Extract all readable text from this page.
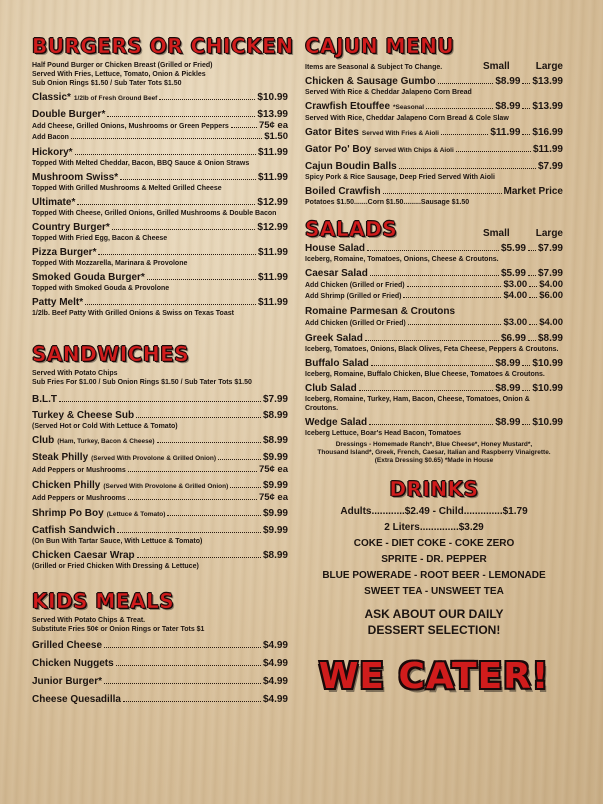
BURGERS OR CHICKEN
Half Pound Burger or Chicken Breast (Grilled or Fried)
Served With Fries, Lettuce, Tomato, Onion & Pickles
Sub Onion Rings $1.50 / Sub Tater Tots $1.50
Classic* 1/2lb of Fresh Ground Beef	$10.99
Double Burger*	$13.99
Add Cheese, Grilled Onions, Mushrooms or Green Peppers	75¢ ea
Add Bacon	$1.50
Hickory*	$11.99
Topped With Melted Cheddar, Bacon, BBQ Sauce & Onion Straws
Mushroom Swiss*	$11.99
Topped With Grilled Mushrooms & Melted Grilled Cheese
Ultimate*	$12.99
Topped With Cheese, Grilled Onions, Grilled Mushrooms & Double Bacon
Country Burger*	$12.99
Topped With Fried Egg, Bacon & Cheese
Pizza Burger*	$11.99
Topped With Mozzarella, Marinara & Provolone
Smoked Gouda Burger*	$11.99
Topped with Smoked Gouda & Provolone
Patty Melt*	$11.99
1/2lb. Beef Patty With Grilled Onions & Swiss on Texas Toast
SANDWICHES
Served With Potato Chips
Sub Fries For $1.00 / Sub Onion Rings $1.50 / Sub Tater Tots $1.50
B.L.T	$7.99
Turkey & Cheese Sub	$8.99
(Served Hot or Cold With Lettuce & Tomato)
Club (Ham, Turkey, Bacon & Cheese)	$8.99
Steak Philly (Served With Provolone & Grilled Onion)	$9.99
Add Peppers or Mushrooms	75¢ ea
Chicken Philly (Served With Provolone & Grilled Onion)	$9.99
Add Peppers or Mushrooms	75¢ ea
Shrimp Po Boy (Lettuce & Tomato)	$9.99
Catfish Sandwich	$9.99
(On Bun With Tartar Sauce, With Lettuce & Tomato)
Chicken Caesar Wrap	$8.99
(Grilled or Fried Chicken With Dressing & Lettuce)
KIDS MEALS
Served With Potato Chips & Treat.
Substitute Fries 50¢ or Onion Rings or Tater Tots $1
Grilled Cheese	$4.99
Chicken Nuggets	$4.99
Junior Burger*	$4.99
Cheese Quesadilla	$4.99
CAJUN MENU
Items are Seasonal & Subject To Change.	Small	Large
Chicken & Sausage Gumbo	$8.99 $13.99
Served With Rice & Cheddar Jalapeno Corn Bread
Crawfish Etouffee *Seasonal	$8.99 $13.99
Served With Rice, Cheddar Jalapeno Corn Bread & Cole Slaw
Gator Bites Served With Fries & Aioli	$11.99 $16.99
Gator Po' Boy Served With Chips & Aioli	$11.99
Cajun Boudin Balls	$7.99
Spicy Pork & Rice Sausage, Deep Fried Served With Aioli
Boiled Crawfish	Market Price
Potatoes $1.50.......Corn $1.50.........Sausage $1.50
SALADS	Small	Large
House Salad	$5.99 $7.99
Iceberg, Romaine, Tomatoes, Onions, Cheese & Croutons.
Caesar Salad	$5.99 $7.99
Add Chicken (Grilled or Fried)	$3.00 $4.00
Add Shrimp (Grilled or Fried)	$4.00 $6.00
Romaine Parmesan & Croutons
Add Chicken (Grilled Or Fried)	$3.00 $4.00
Greek Salad	$6.99 $8.99
Iceberg, Tomatoes, Onions, Black Olives, Feta Cheese, Peppers & Croutons.
Buffalo Salad	$8.99 $10.99
Iceberg, Romaine, Buffalo Chicken, Blue Cheese, Tomatoes & Croutons.
Club Salad	$8.99 $10.99
Iceberg, Romaine, Turkey, Ham, Bacon, Cheese, Tomatoes, Onion & Croutons.
Wedge Salad	$8.99 $10.99
Iceberg Lettuce, Boar's Head Bacon, Tomatoes
Dressings - Homemade Ranch*, Blue Cheese*, Honey Mustard*,
Thousand Island*, Greek, French, Caesar, Italian and Raspberry Vinaigrette.
(Extra Dressing $0.65) *Made in House
DRINKS
Adults............$2.49 - Child..............$1.79
2 Liters..............$3.29
COKE - DIET COKE - COKE ZERO
SPRITE - DR. PEPPER
BLUE POWERADE - ROOT BEER - LEMONADE
SWEET TEA - UNSWEET TEA
ASK ABOUT OUR DAILY
DESSERT SELECTION!
WE CATER!
